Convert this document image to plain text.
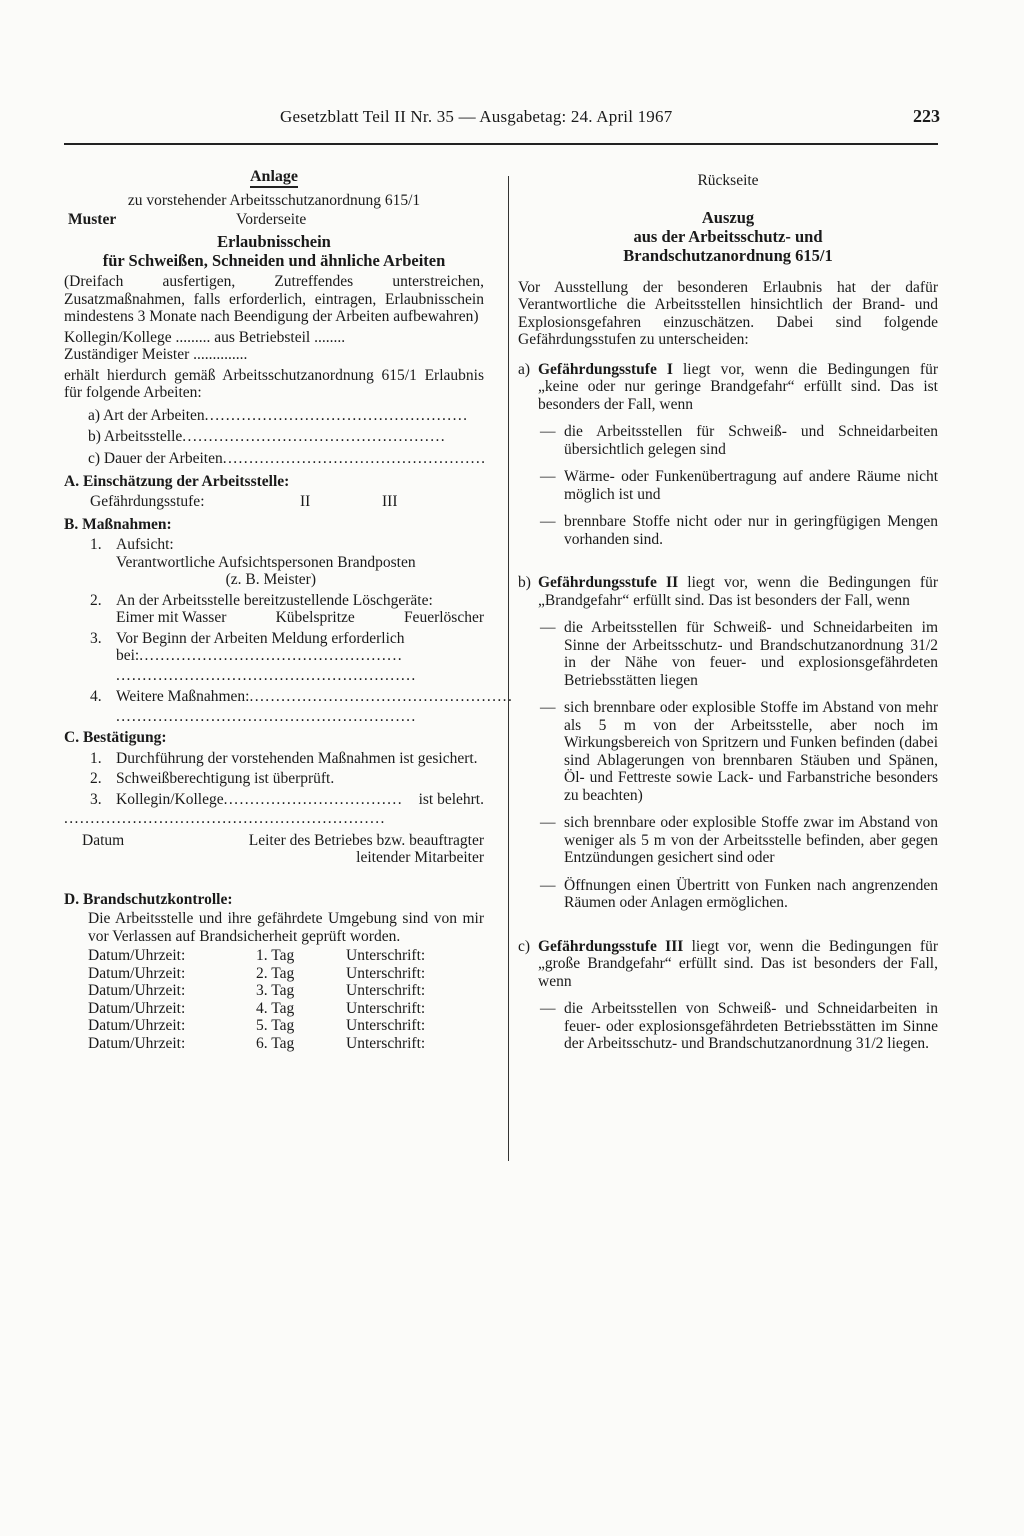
Gesetzblatt Teil II Nr. 35 — Ausgabetag: 24. April 1967	223
Anlage
zu vorstehender Arbeitsschutzanordnung 615/1
Muster	Vorderseite
Erlaubnisschein
für Schweißen, Schneiden und ähnliche Arbeiten
(Dreifach ausfertigen, Zutreffendes unterstreichen, Zusatzmaßnahmen, falls erforderlich, eintragen, Erlaubnisschein mindestens 3 Monate nach Beendigung der Arbeiten aufbewahren)
Kollegin/Kollege ......... aus Betriebsteil ........
Zuständiger Meister ..............
erhält hierdurch gemäß Arbeitsschutzanordnung 615/1 Erlaubnis für folgende Arbeiten:
a) Art der Arbeiten ..................................................
b) Arbeitsstelle ..................................................
c) Dauer der Arbeiten ..................................................
A. Einschätzung der Arbeitsstelle:
Gefährdungsstufe:	II	III
B. Maßnahmen:
1. Aufsicht:
Verantwortliche Aufsichtspersonen Brandposten
(z. B. Meister)
2. An der Arbeitsstelle bereitzustellende Löschgeräte:
Eimer mit Wasser	Kübelspritze	Feuerlöscher
3. Vor Beginn der Arbeiten Meldung erforderlich
bei: ..................................................
.........................................................
4. Weitere Maßnahmen: ..................................................
.........................................................
C. Bestätigung:
1. Durchführung der vorstehenden Maßnahmen ist gesichert.
2. Schweißberechtigung ist überprüft.
3. Kollegin/Kollege ..................................	ist belehrt.
.............................................................
Datum	Leiter des Betriebes bzw. beauftragter leitender Mitarbeiter
D. Brandschutzkontrolle:
Die Arbeitsstelle und ihre gefährdete Umgebung sind von mir vor Verlassen auf Brandsicherheit geprüft worden.
Datum/Uhrzeit:	1. Tag	Unterschrift:
Datum/Uhrzeit:	2. Tag	Unterschrift:
Datum/Uhrzeit:	3. Tag	Unterschrift:
Datum/Uhrzeit:	4. Tag	Unterschrift:
Datum/Uhrzeit:	5. Tag	Unterschrift:
Datum/Uhrzeit:	6. Tag	Unterschrift:
Rückseite
Auszug
aus der Arbeitsschutz- und
Brandschutzanordnung 615/1
Vor Ausstellung der besonderen Erlaubnis hat der dafür Verantwortliche die Arbeitsstellen hinsichtlich der Brand- und Explosionsgefahren einzuschätzen. Dabei sind folgende Gefährdungsstufen zu unterscheiden:
a) Gefährdungsstufe I liegt vor, wenn die Bedingungen für „keine oder nur geringe Brandgefahr“ erfüllt sind. Das ist besonders der Fall, wenn
— die Arbeitsstellen für Schweiß- und Schneidarbeiten übersichtlich gelegen sind
— Wärme- oder Funkenübertragung auf andere Räume nicht möglich ist und
— brennbare Stoffe nicht oder nur in geringfügigen Mengen vorhanden sind.
b) Gefährdungsstufe II liegt vor, wenn die Bedingungen für „Brandgefahr“ erfüllt sind. Das ist besonders der Fall, wenn
— die Arbeitsstellen für Schweiß- und Schneidarbeiten im Sinne der Arbeitsschutz- und Brandschutzanordnung 31/2 in der Nähe von feuer- und explosionsgefährdeten Betriebsstätten liegen
— sich brennbare oder explosible Stoffe im Abstand von mehr als 5 m von der Arbeitsstelle, aber noch im Wirkungsbereich von Spritzern und Funken befinden (dabei sind Ablagerungen von brennbaren Stäuben und Spänen, Öl- und Fettreste sowie Lack- und Farbanstriche besonders zu beachten)
— sich brennbare oder explosible Stoffe zwar im Abstand von weniger als 5 m von der Arbeitsstelle befinden, aber gegen Entzündungen gesichert sind oder
— Öffnungen einen Übertritt von Funken nach angrenzenden Räumen oder Anlagen ermöglichen.
c) Gefährdungsstufe III liegt vor, wenn die Bedingungen für „große Brandgefahr“ erfüllt sind. Das ist besonders der Fall, wenn
— die Arbeitsstellen von Schweiß- und Schneidarbeiten in feuer- oder explosionsgefährdeten Betriebsstätten im Sinne der Arbeitsschutz- und Brandschutzanordnung 31/2 liegen.
